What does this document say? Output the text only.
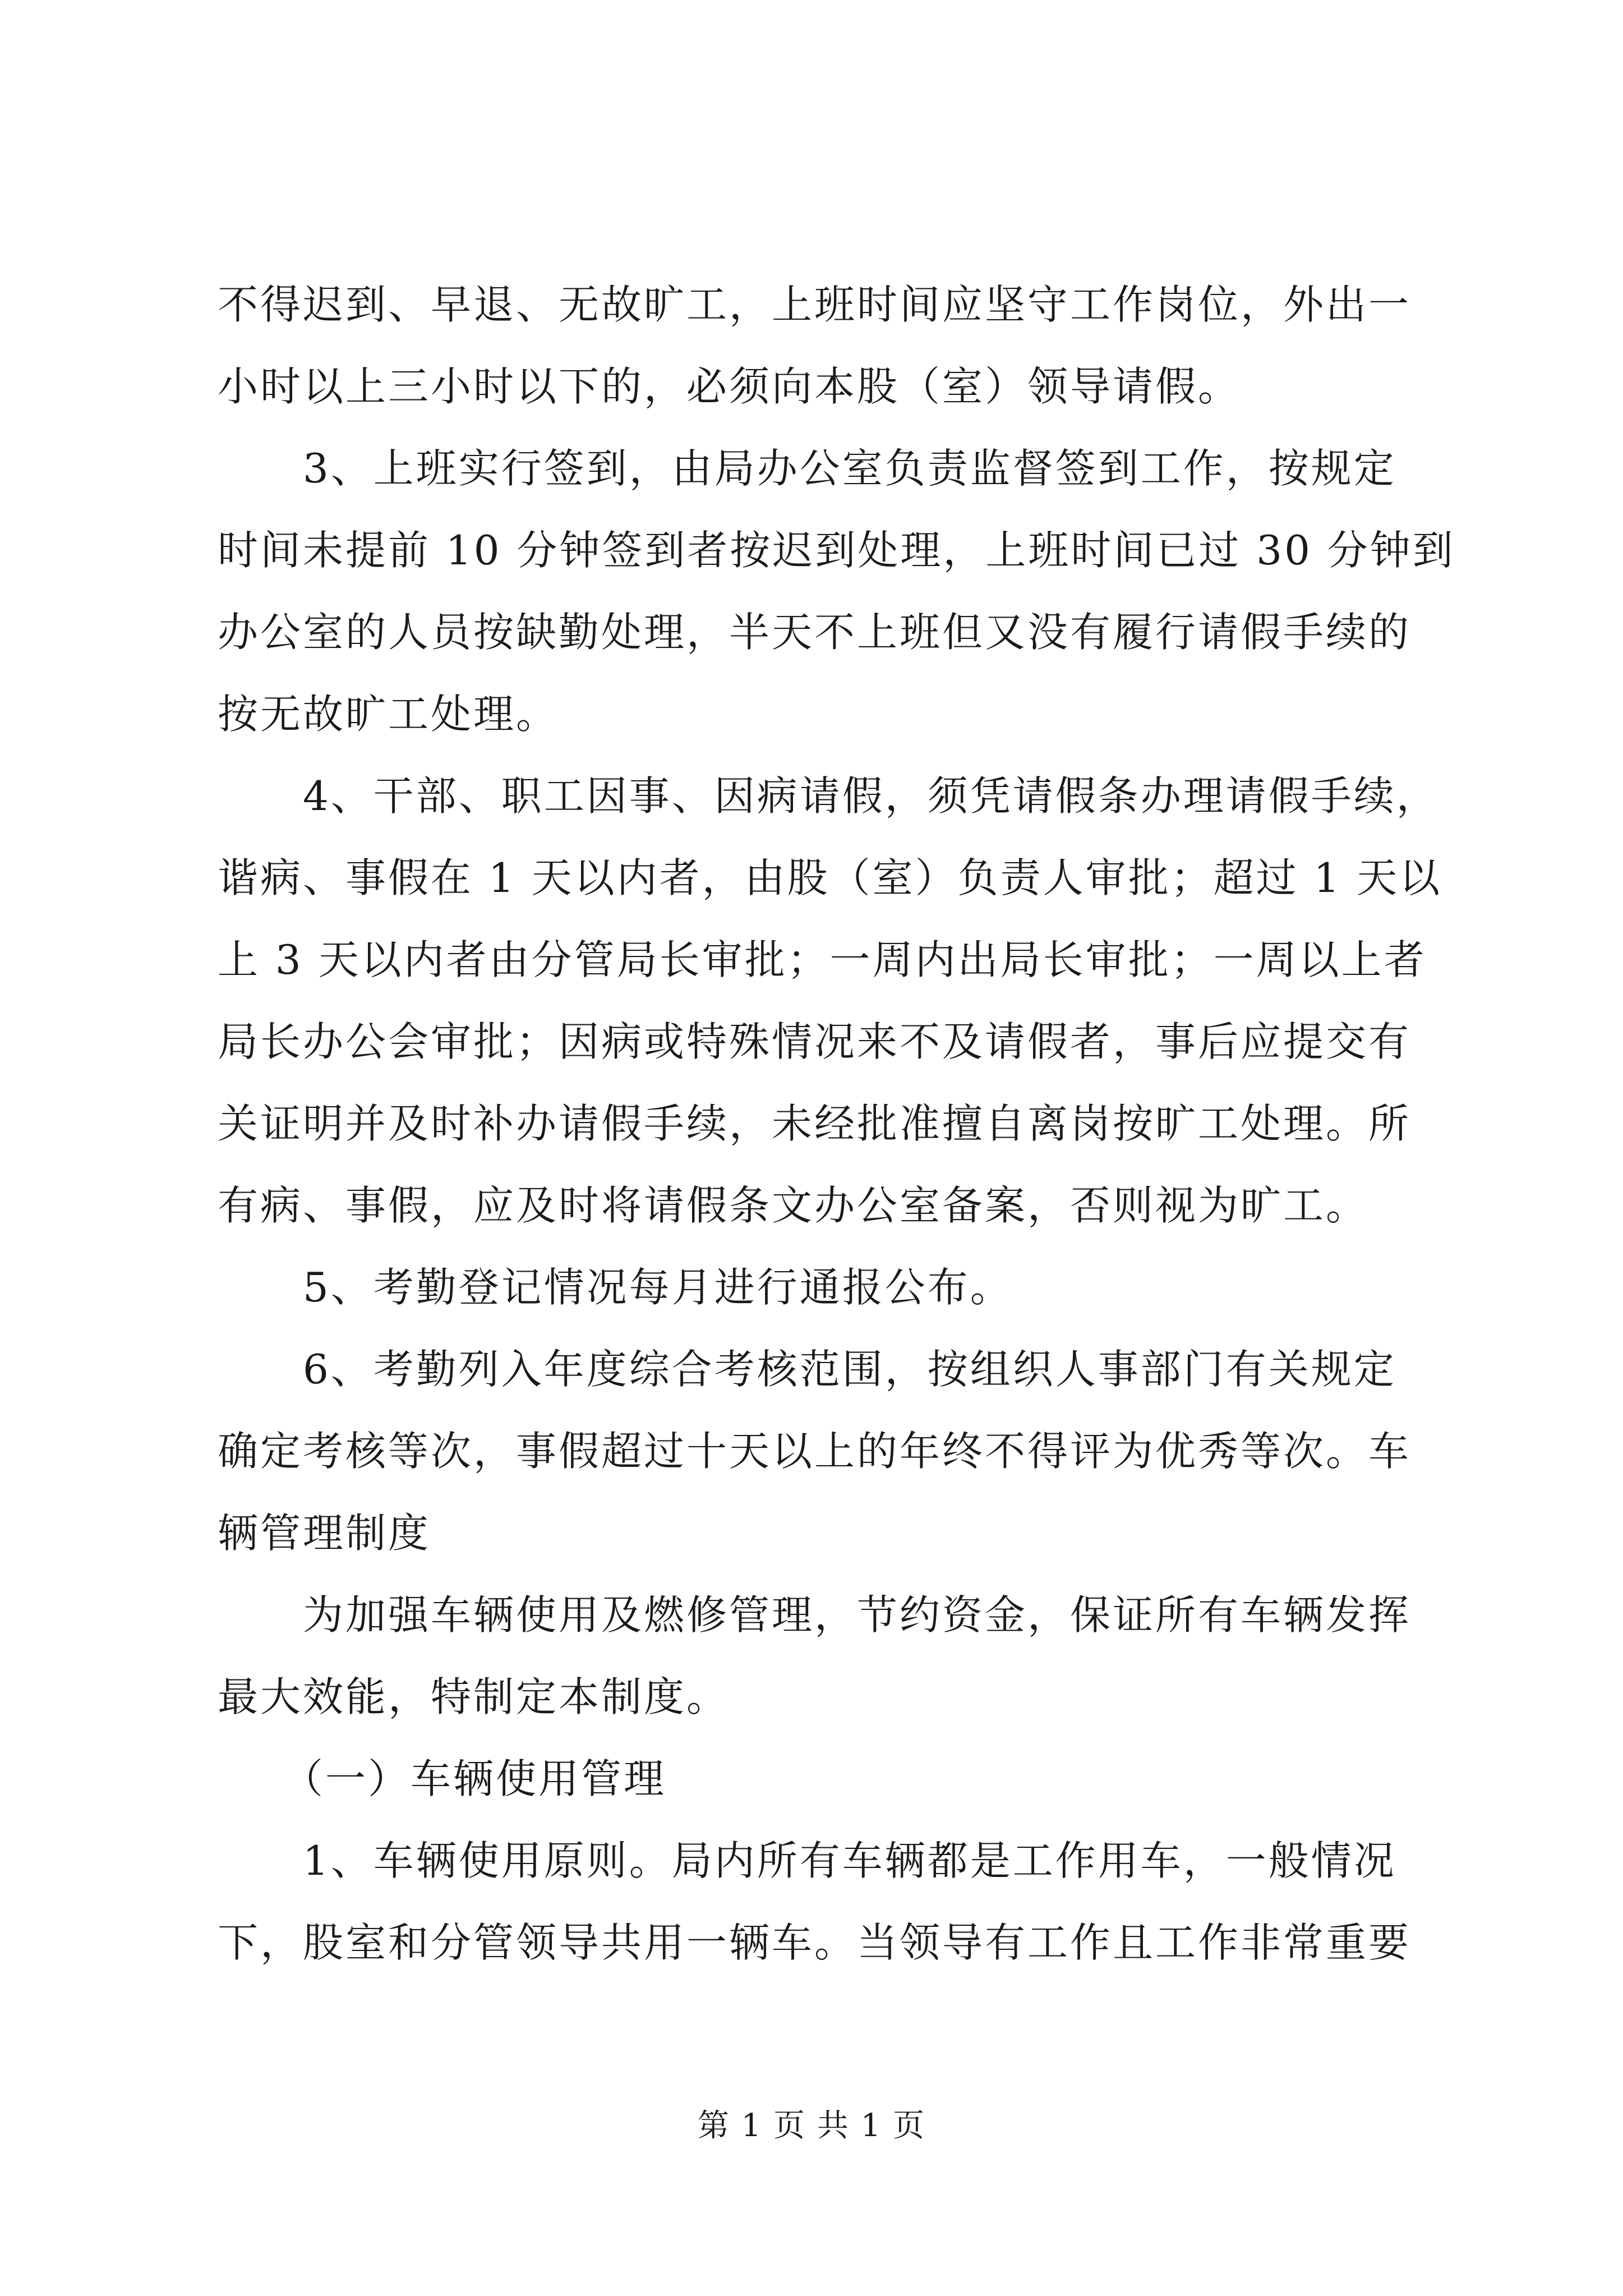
不得迟到、早退、无故旷工，上班时间应坚守工作岗位，外出一
小时以上三小时以下的，必须向本股（室）领导请假。
　　3、上班实行签到，由局办公室负责监督签到工作，按规定
时间未提前 10 分钟签到者按迟到处理，上班时间已过 30 分钟到
办公室的人员按缺勤处理，半天不上班但又没有履行请假手续的
按无故旷工处理。
　　4、干部、职工因事、因病请假，须凭请假条办理请假手续，
谐病、事假在 1 天以内者，由股（室）负责人审批；超过 1 天以
上 3 天以内者由分管局长审批；一周内出局长审批；一周以上者
局长办公会审批；因病或特殊情况来不及请假者，事后应提交有
关证明并及时补办请假手续，未经批准擅自离岗按旷工处理。所
有病、事假，应及时将请假条文办公室备案，否则视为旷工。
　　5、考勤登记情况每月进行通报公布。
　　6、考勤列入年度综合考核范围，按组织人事部门有关规定
确定考核等次，事假超过十天以上的年终不得评为优秀等次。车
辆管理制度
　　为加强车辆使用及燃修管理，节约资金，保证所有车辆发挥
最大效能，特制定本制度。
　　（一）车辆使用管理
　　1、车辆使用原则。局内所有车辆都是工作用车，一般情况
下，股室和分管领导共用一辆车。当领导有工作且工作非常重要
第 1 页 共 1 页
